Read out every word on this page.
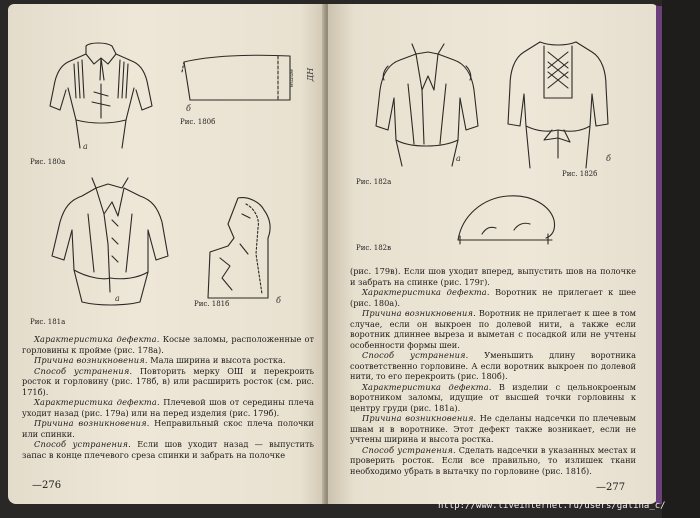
а
Рис. 180а
б
ДН
вшив
Рис. 180б
а
Рис. 181а
б
Рис. 181б

Характеристика дефекта. Косые заломы, расположенные от горловины к пройме (рис. 178а).

Причина возникновения. Мала ширина и высота ростка.

Способ устранения. Повторить мерку ОШ и перекроить росток и горловину (рис. 178б, в) или расширить росток (см. рис. 171б).

Характеристика дефекта. Плечевой шов от середины плеча уходит назад (рис. 179а) или на перед изделия (рис. 179б).

Причина возникновения. Неправильный скос плеча полочки или спинки.

Способ устранения. Если шов уходит назад — выпустить запас в конце плечевого среза спинки и забрать на полочке

—276
а
Рис. 182а
б
Рис. 182б
Рис. 182в

(рис. 179в). Если шов уходит вперед, выпустить шов на полочке и забрать на спинке (рис. 179г).

Характеристика дефекта. Воротник не прилегает к шее (рис. 180а).

Причина возникновения. Воротник не прилегает к шее в том случае, если он выкроен по долевой нити, а также если воротник длиннее выреза и выметан с посадкой или не учтены особенности формы шеи.

Способ устранения. Уменьшить длину воротника соответственно горловине. А если воротник выкроен по долевой нити, то его перекроить (рис. 180б).

Характеристика дефекта. В изделии с цельнокроеным воротником заломы, идущие от высшей точки горловины к центру груди (рис. 181а).

Причина возникновения. Не сделаны надсечки по плечевым швам и в воротнике. Этот дефект также возникает, если не учтены ширина и высота ростка.

Способ устранения. Сделать надсечки в указанных местах и проверить росток. Если все правильно, то излишек ткани необходимо убрать в вытачку по горловине (рис. 181б).

—277
http://www.liveinternet.ru/users/galina_c/
